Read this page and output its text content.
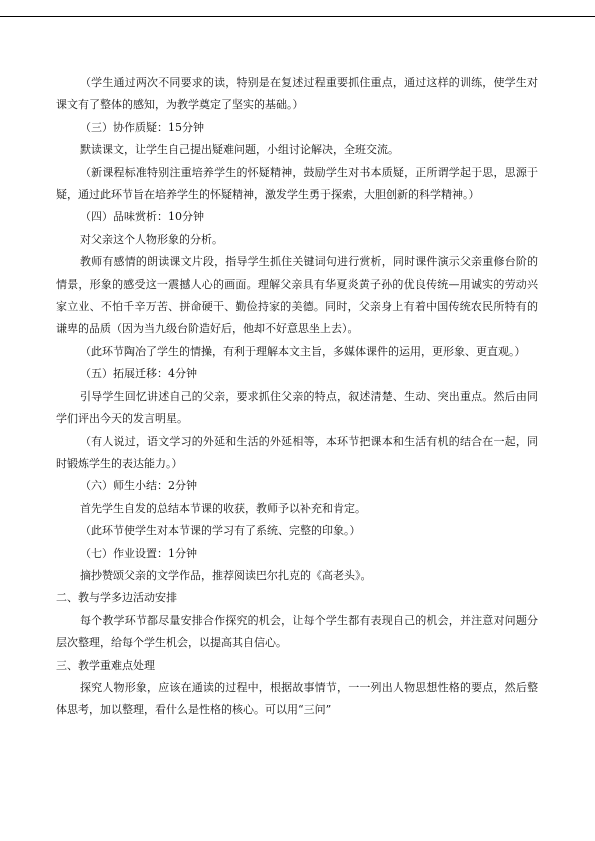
（学生通过两次不同要求的读，特别是在复述过程重要抓住重点，通过这样的训练，使学生对课文有了整体的感知，为教学奠定了坚实的基础。）

（三）协作质疑：15分钟

默读课文，让学生自己提出疑难问题，小组讨论解决，全班交流。

（新课程标准特别注重培养学生的怀疑精神，鼓励学生对书本质疑，正所谓学起于思，思源于疑，通过此环节旨在培养学生的怀疑精神，激发学生勇于探索，大胆创新的科学精神。）

（四）品味赏析：10分钟

对父亲这个人物形象的分析。

教师有感情的朗读课文片段，指导学生抓住关键词句进行赏析，同时课件演示父亲重修台阶的情景，形象的感受这一震撼人心的画面。理解父亲具有华夏炎黄子孙的优良传统—用诚实的劳动兴家立业、不怕千辛万苦、拼命硬干、勤俭持家的美德。同时，父亲身上有着中国传统农民所特有的谦卑的品质（因为当九级台阶造好后，他却不好意思坐上去）。

（此环节陶冶了学生的情操，有利于理解本文主旨，多媒体课件的运用，更形象、更直观。）

（五）拓展迁移：4分钟

引导学生回忆讲述自己的父亲，要求抓住父亲的特点，叙述清楚、生动、突出重点。然后由同学们评出今天的发言明星。

（有人说过，语文学习的外延和生活的外延相等，本环节把课本和生活有机的结合在一起，同时锻炼学生的表达能力。）

（六）师生小结：2分钟

首先学生自发的总结本节课的收获，教师予以补充和肯定。

（此环节使学生对本节课的学习有了系统、完整的印象。）

（七）作业设置：1分钟

摘抄赞颂父亲的文学作品，推荐阅读巴尔扎克的《高老头》。

二、教与学多边活动安排

每个教学环节都尽量安排合作探究的机会，让每个学生都有表现自己的机会，并注意对问题分层次整理，给每个学生机会，以提高其自信心。

三、教学重难点处理

探究人物形象，应该在通读的过程中，根据故事情节，一一列出人物思想性格的要点，然后整体思考，加以整理，看什么是性格的核心。可以用“三问”
